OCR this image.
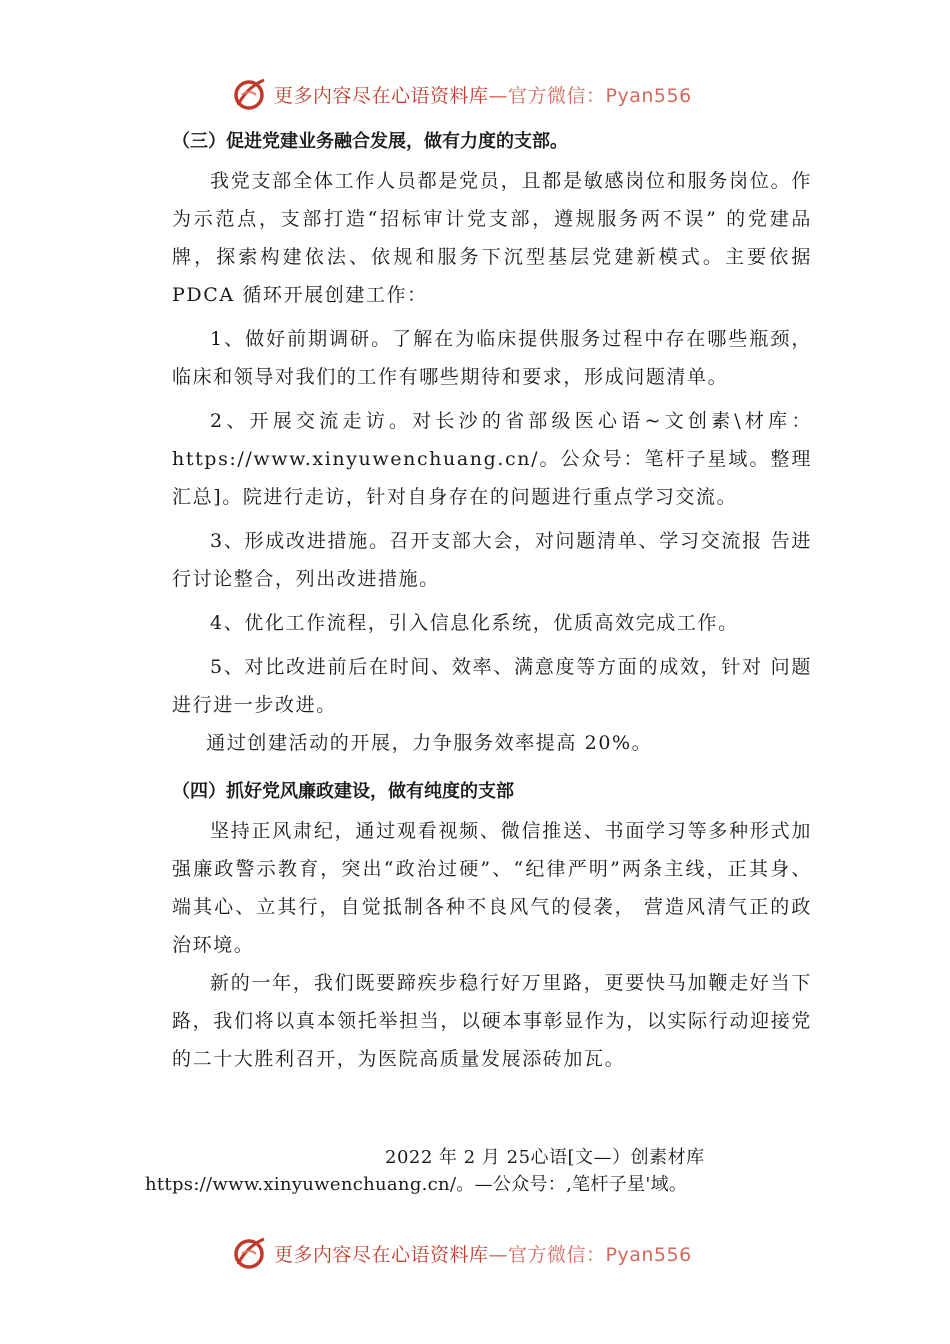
更多内容尽在心语资料库—官方微信：Pyan556

（三）促进党建业务融合发展，做有力度的支部。

我党支部全体工作人员都是党员，且都是敏感岗位和服务岗位。作为示范点，支部打造“招标审计党支部，遵规服务两不误” 的党建品牌，探索构建依法、依规和服务下沉型基层党建新模式。主要依据 PDCA 循环开展创建工作：

1、做好前期调研。了解在为临床提供服务过程中存在哪些瓶颈，临床和领导对我们的工作有哪些期待和要求，形成问题清单。

2、开展交流走访。对长沙的省部级医心语~文创素\材库：https://www.xinyuwenchuang.cn/。公众号：笔杆子星域。整理汇总]。院进行走访，针对自身存在的问题进行重点学习交流。

3、形成改进措施。召开支部大会，对问题清单、学习交流报 告进行讨论整合，列出改进措施。

4、优化工作流程，引入信息化系统，优质高效完成工作。

5、对比改进前后在时间、效率、满意度等方面的成效，针对 问题进行进一步改进。

通过创建活动的开展，力争服务效率提高 20%。

（四）抓好党风廉政建设，做有纯度的支部

坚持正风肃纪，通过观看视频、微信推送、书面学习等多种形式加强廉政警示教育，突出“政治过硬”、“纪律严明”两条主线，正其身、端其心、立其行，自觉抵制各种不良风气的侵袭， 营造风清气正的政治环境。

新的一年，我们既要蹄疾步稳行好万里路，更要快马加鞭走好当下路，我们将以真本领托举担当，以硬本事彰显作为，以实际行动迎接党的二十大胜利召开，为医院高质量发展添砖加瓦。

2022 年 2 月 25心语[文—）创素材库
https://www.xinyuwenchuang.cn/。—公众号：,笔杆子星'域。
更多内容尽在心语资料库—官方微信：Pyan556
